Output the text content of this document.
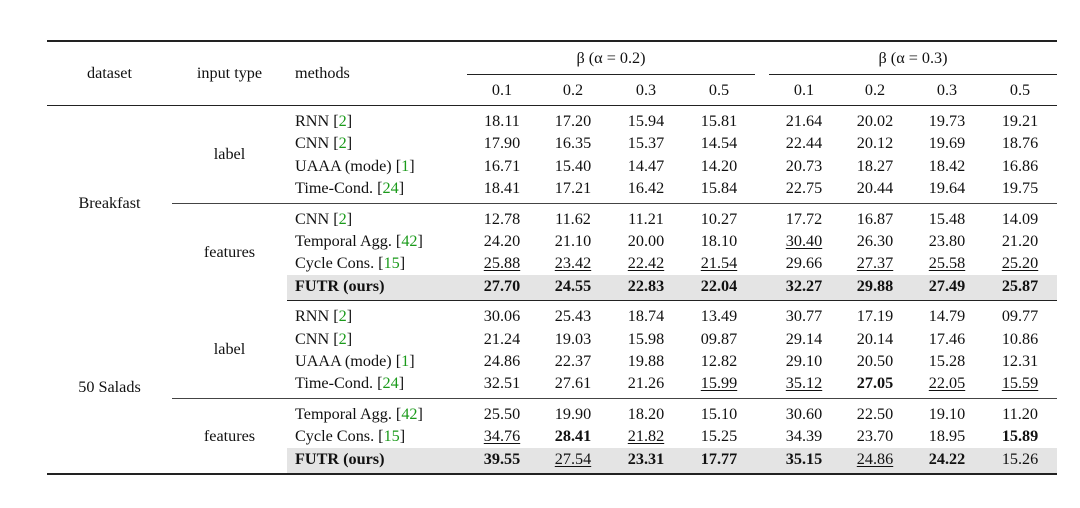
dataset	input type	methods	β (α = 0.2)					β (α = 0.3)			
			0.1	0.2	0.3	0.5		0.1	0.2	0.3	0.5
Breakfast	label	RNN [2]	18.11	17.20	15.94	15.81		21.64	20.02	19.73	19.21
		CNN [2]	17.90	16.35	15.37	14.54		22.44	20.12	19.69	18.76
		UAAA (mode) [1]	16.71	15.40	14.47	14.20		20.73	18.27	18.42	16.86
		Time-Cond. [24]	18.41	17.21	16.42	15.84		22.75	20.44	19.64	19.75
	features	CNN [2]	12.78	11.62	11.21	10.27		17.72	16.87	15.48	14.09
		Temporal Agg. [42]	24.20	21.10	20.00	18.10		30.40	26.30	23.80	21.20
		Cycle Cons. [15]	25.88	23.42	22.42	21.54		29.66	27.37	25.58	25.20
		FUTR (ours)	27.70	24.55	22.83	22.04		32.27	29.88	27.49	25.87
50 Salads	label	RNN [2]	30.06	25.43	18.74	13.49		30.77	17.19	14.79	09.77
		CNN [2]	21.24	19.03	15.98	09.87		29.14	20.14	17.46	10.86
		UAAA (mode) [1]	24.86	22.37	19.88	12.82		29.10	20.50	15.28	12.31
		Time-Cond. [24]	32.51	27.61	21.26	15.99		35.12	27.05	22.05	15.59
	features	Temporal Agg. [42]	25.50	19.90	18.20	15.10		30.60	22.50	19.10	11.20
		Cycle Cons. [15]	34.76	28.41	21.82	15.25		34.39	23.70	18.95	15.89
		FUTR (ours)	39.55	27.54	23.31	17.77		35.15	24.86	24.22	15.26
